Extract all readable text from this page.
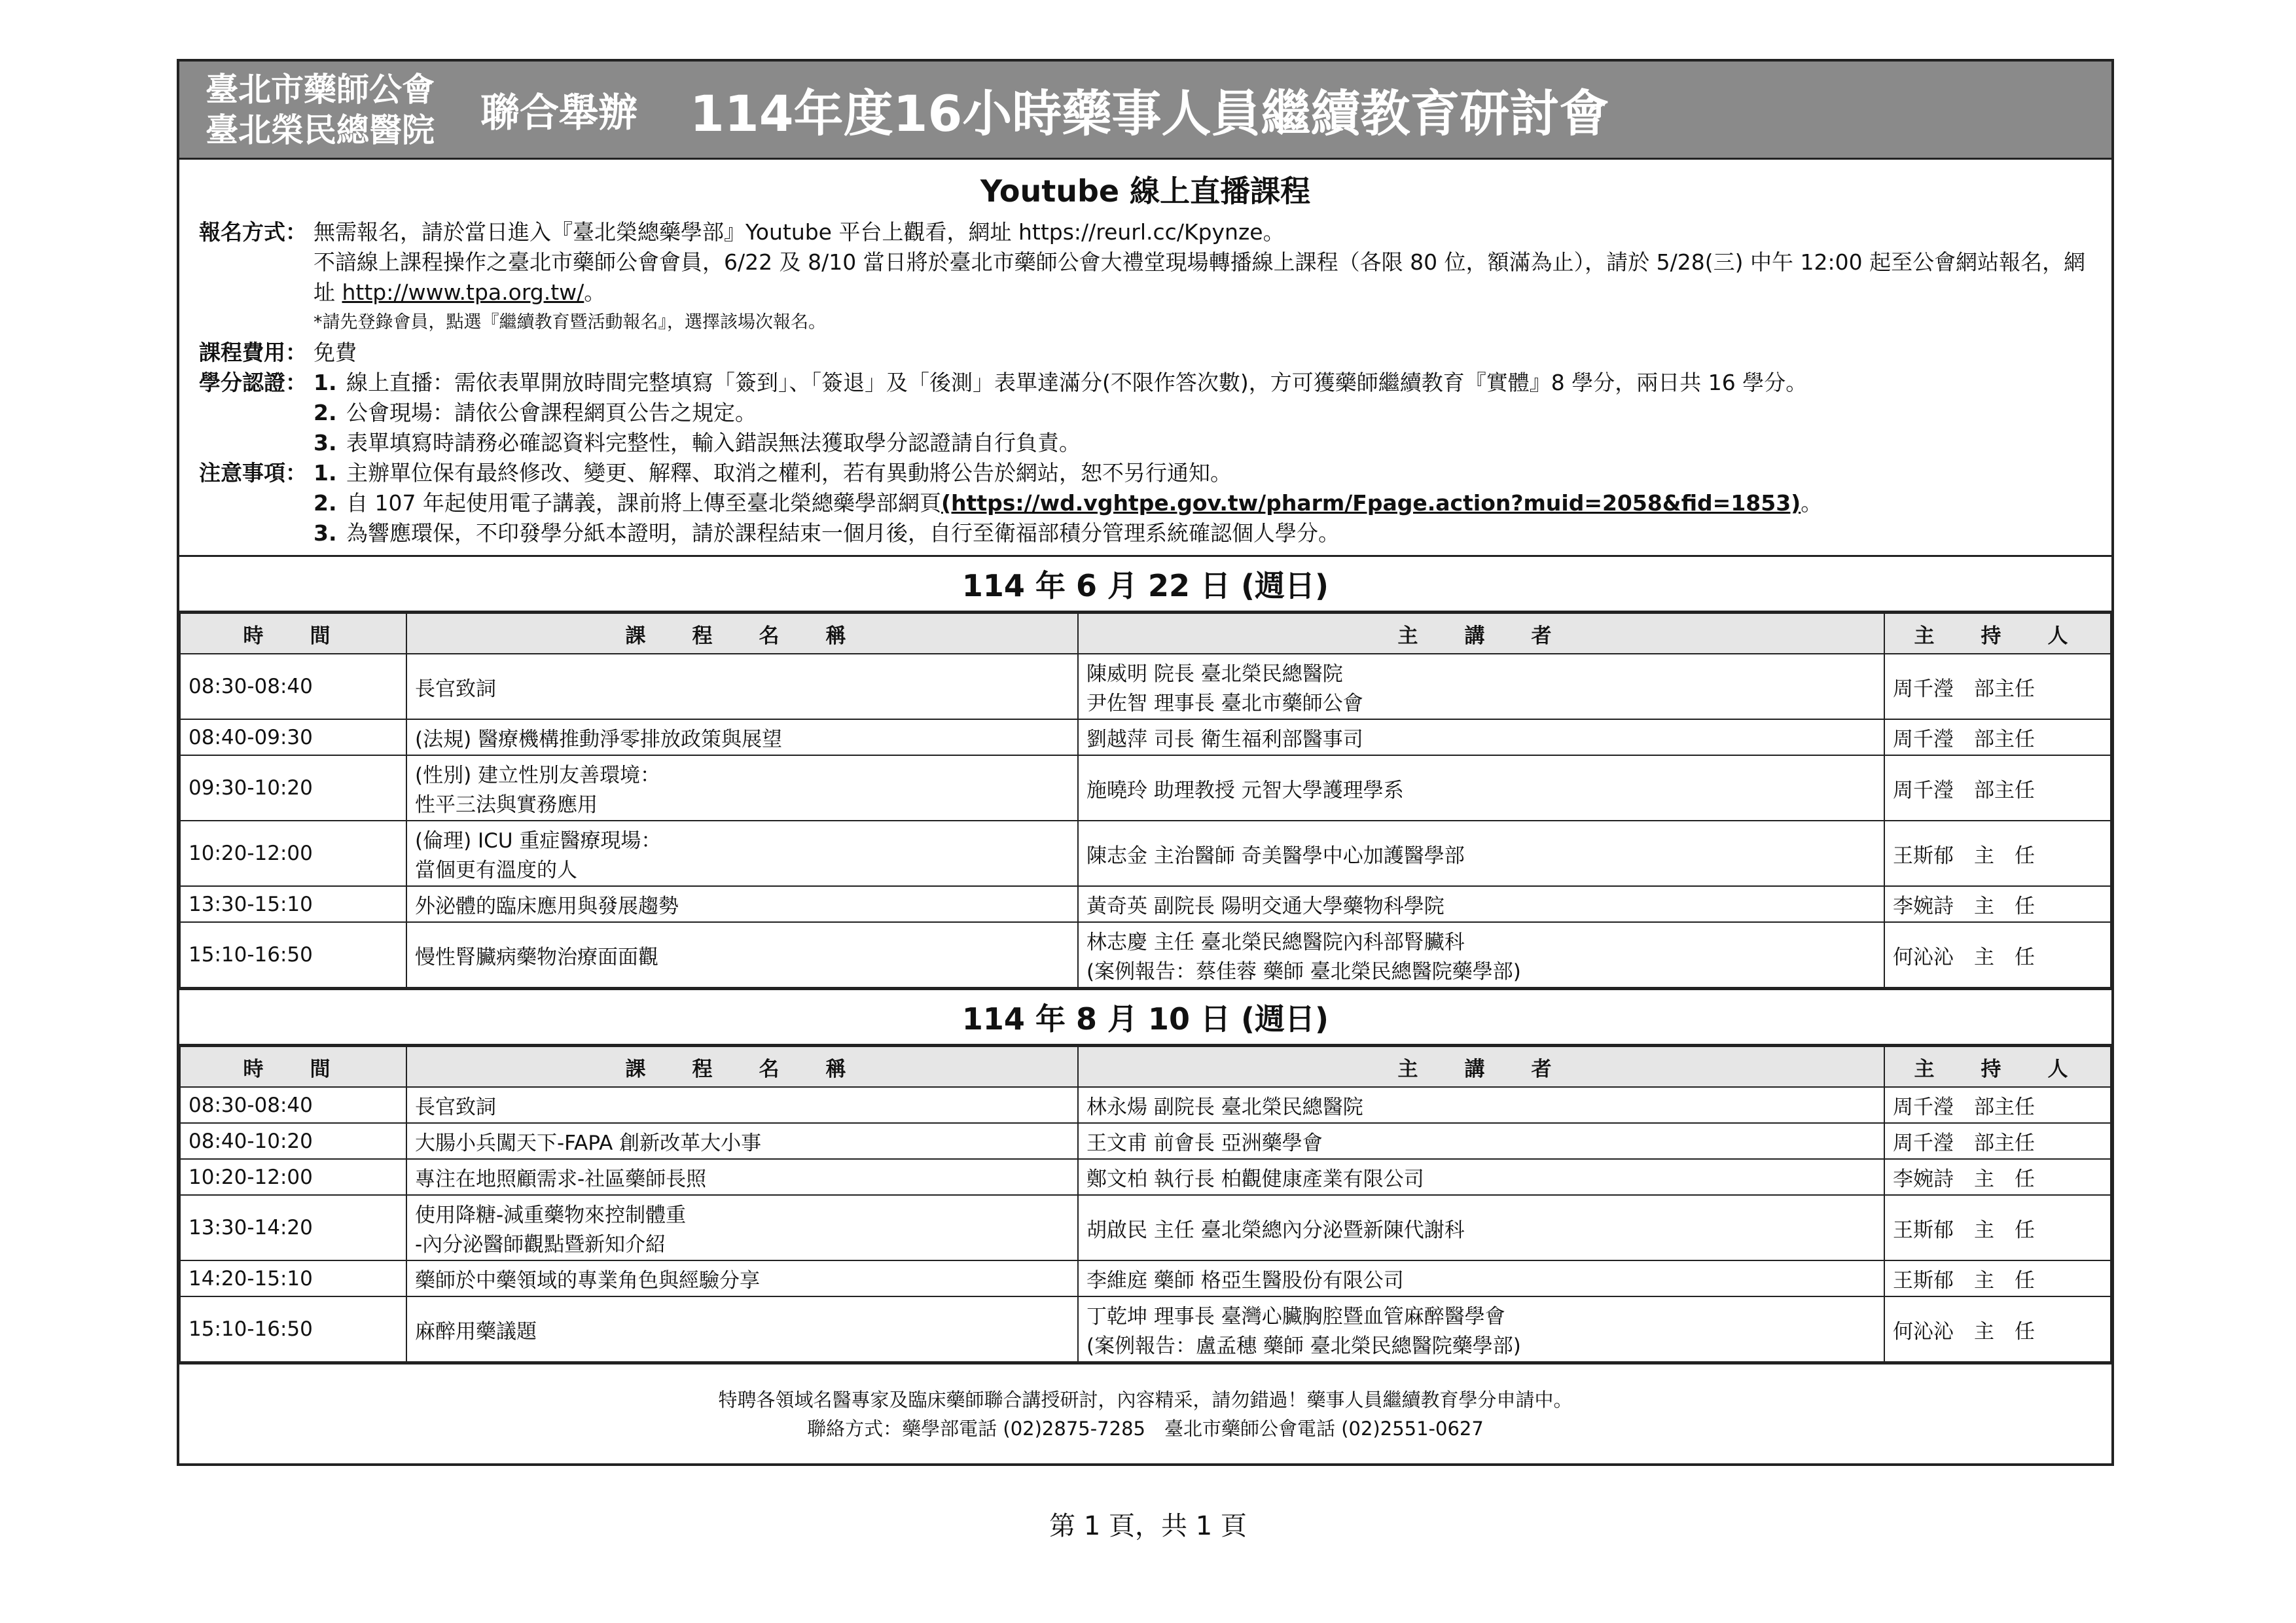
臺北市藥師公會
臺北榮民總醫院 聯合舉辦 114年度16小時藥事人員繼續教育研討會
Youtube 線上直播課程
報名方式： 無需報名，請於當日進入『臺北榮總藥學部』Youtube 平台上觀看，網址 https://reurl.cc/Kpynze。
不諳線上課程操作之臺北市藥師公會會員，6/22 及 8/10 當日將於臺北市藥師公會大禮堂現場轉播線上課程（各限 80 位，額滿為止），請於 5/28(三) 中午 12:00 起至公會網站報名，網址 http://www.tpa.org.tw/。
*請先登錄會員，點選『繼續教育暨活動報名』，選擇該場次報名。
課程費用： 免費
學分認證： 1. 線上直播：需依表單開放時間完整填寫「簽到」、「簽退」及「後測」表單達滿分(不限作答次數)，方可獲藥師繼續教育『實體』8 學分，兩日共 16 學分。
2. 公會現場：請依公會課程網頁公告之規定。
3. 表單填寫時請務必確認資料完整性，輸入錯誤無法獲取學分認證請自行負責。
注意事項： 1. 主辦單位保有最終修改、變更、解釋、取消之權利，若有異動將公告於網站，恕不另行通知。
2. 自 107 年起使用電子講義，課前將上傳至臺北榮總藥學部網頁(https://wd.vghtpe.gov.tw/pharm/Fpage.action?muid=2058&fid=1853)。
3. 為響應環保，不印發學分紙本證明，請於課程結束一個月後，自行至衛福部積分管理系統確認個人學分。
114 年 6 月 22 日 (週日)
時　間	課　程　名　稱	主　講　者	主　持　人
08:30-08:40	長官致詞	陳威明 院長 臺北榮民總醫院
尹佐智 理事長 臺北市藥師公會	周千瀅　部主任
08:40-09:30	(法規) 醫療機構推動淨零排放政策與展望	劉越萍 司長 衛生福利部醫事司	周千瀅　部主任
09:30-10:20	(性別) 建立性別友善環境：
性平三法與實務應用	施曉玲 助理教授 元智大學護理學系	周千瀅　部主任
10:20-12:00	(倫理) ICU 重症醫療現場：
當個更有溫度的人	陳志金 主治醫師 奇美醫學中心加護醫學部	王斯郁　主　任
13:30-15:10	外泌體的臨床應用與發展趨勢	黃奇英 副院長 陽明交通大學藥物科學院	李婉詩　主　任
15:10-16:50	慢性腎臟病藥物治療面面觀	林志慶 主任 臺北榮民總醫院內科部腎臟科
(案例報告：蔡佳蓉 藥師 臺北榮民總醫院藥學部)	何沁沁　主　任
114 年 8 月 10 日 (週日)
時　間	課　程　名　稱	主　講　者	主　持　人
08:30-08:40	長官致詞	林永煬 副院長 臺北榮民總醫院	周千瀅　部主任
08:40-10:20	大腸小兵闖天下-FAPA 創新改革大小事	王文甫 前會長 亞洲藥學會	周千瀅　部主任
10:20-12:00	專注在地照顧需求-社區藥師長照	鄭文柏 執行長 柏觀健康產業有限公司	李婉詩　主　任
13:30-14:20	使用降糖-減重藥物來控制體重
-內分泌醫師觀點暨新知介紹	胡啟民 主任 臺北榮總內分泌暨新陳代謝科	王斯郁　主　任
14:20-15:10	藥師於中藥領域的專業角色與經驗分享	李維庭 藥師 格亞生醫股份有限公司	王斯郁　主　任
15:10-16:50	麻醉用藥議題	丁乾坤 理事長 臺灣心臟胸腔暨血管麻醉醫學會
(案例報告：盧孟穗 藥師 臺北榮民總醫院藥學部)	何沁沁　主　任
特聘各領域名醫專家及臨床藥師聯合講授研討，內容精采，請勿錯過！藥事人員繼續教育學分申請中。
聯絡方式：藥學部電話 (02)2875-7285　臺北市藥師公會電話 (02)2551-0627
第 1 頁，共 1 頁
